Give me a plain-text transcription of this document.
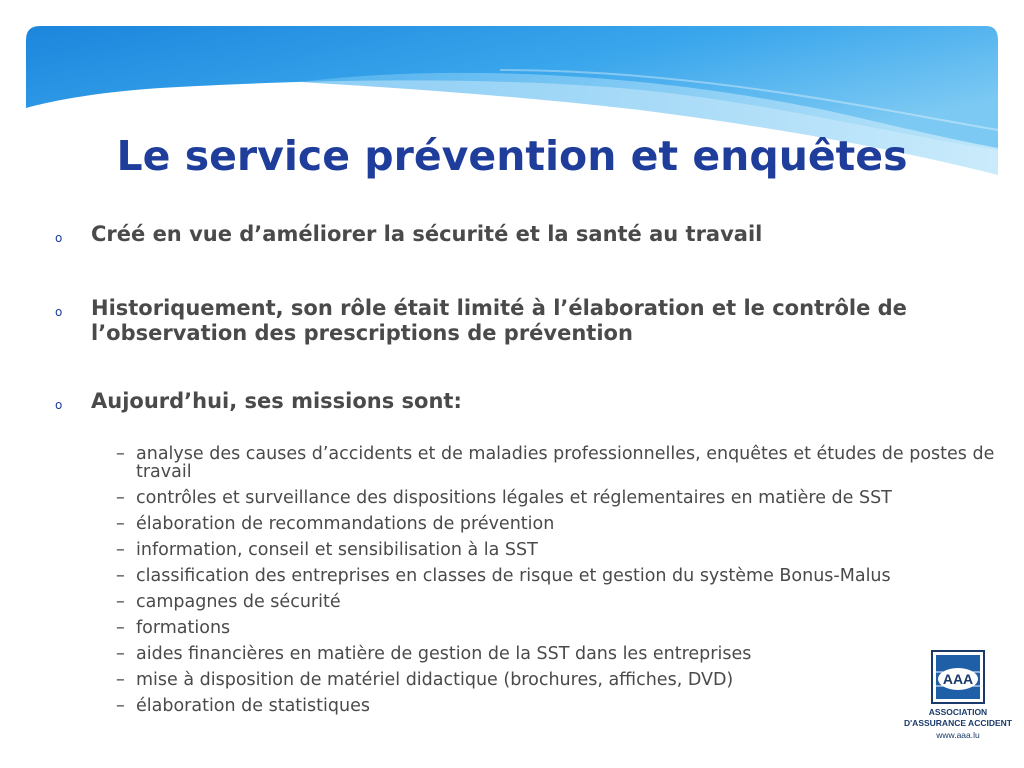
Le service prévention et enquêtes
o Créé en vue d’améliorer la sécurité et la santé au travail
o Historiquement, son rôle était limité à l’élaboration et le contrôle de l’observation des prescriptions de prévention
o Aujourd’hui, ses missions sont:
– analyse des causes d’accidents et de maladies professionnelles, enquêtes et études de postes de travail
– contrôles et surveillance des dispositions légales et réglementaires en matière de SST
– élaboration de recommandations de prévention
– information, conseil et sensibilisation à la SST
– classification des entreprises en classes de risque et gestion du système Bonus-Malus
– campagnes de sécurité
– formations
– aides financières en matière de gestion de la SST dans les entreprises
– mise à disposition de matériel didactique (brochures, affiches, DVD)
– élaboration de statistiques
AAA
ASSOCIATION
D'ASSURANCE ACCIDENT
www.aaa.lu
